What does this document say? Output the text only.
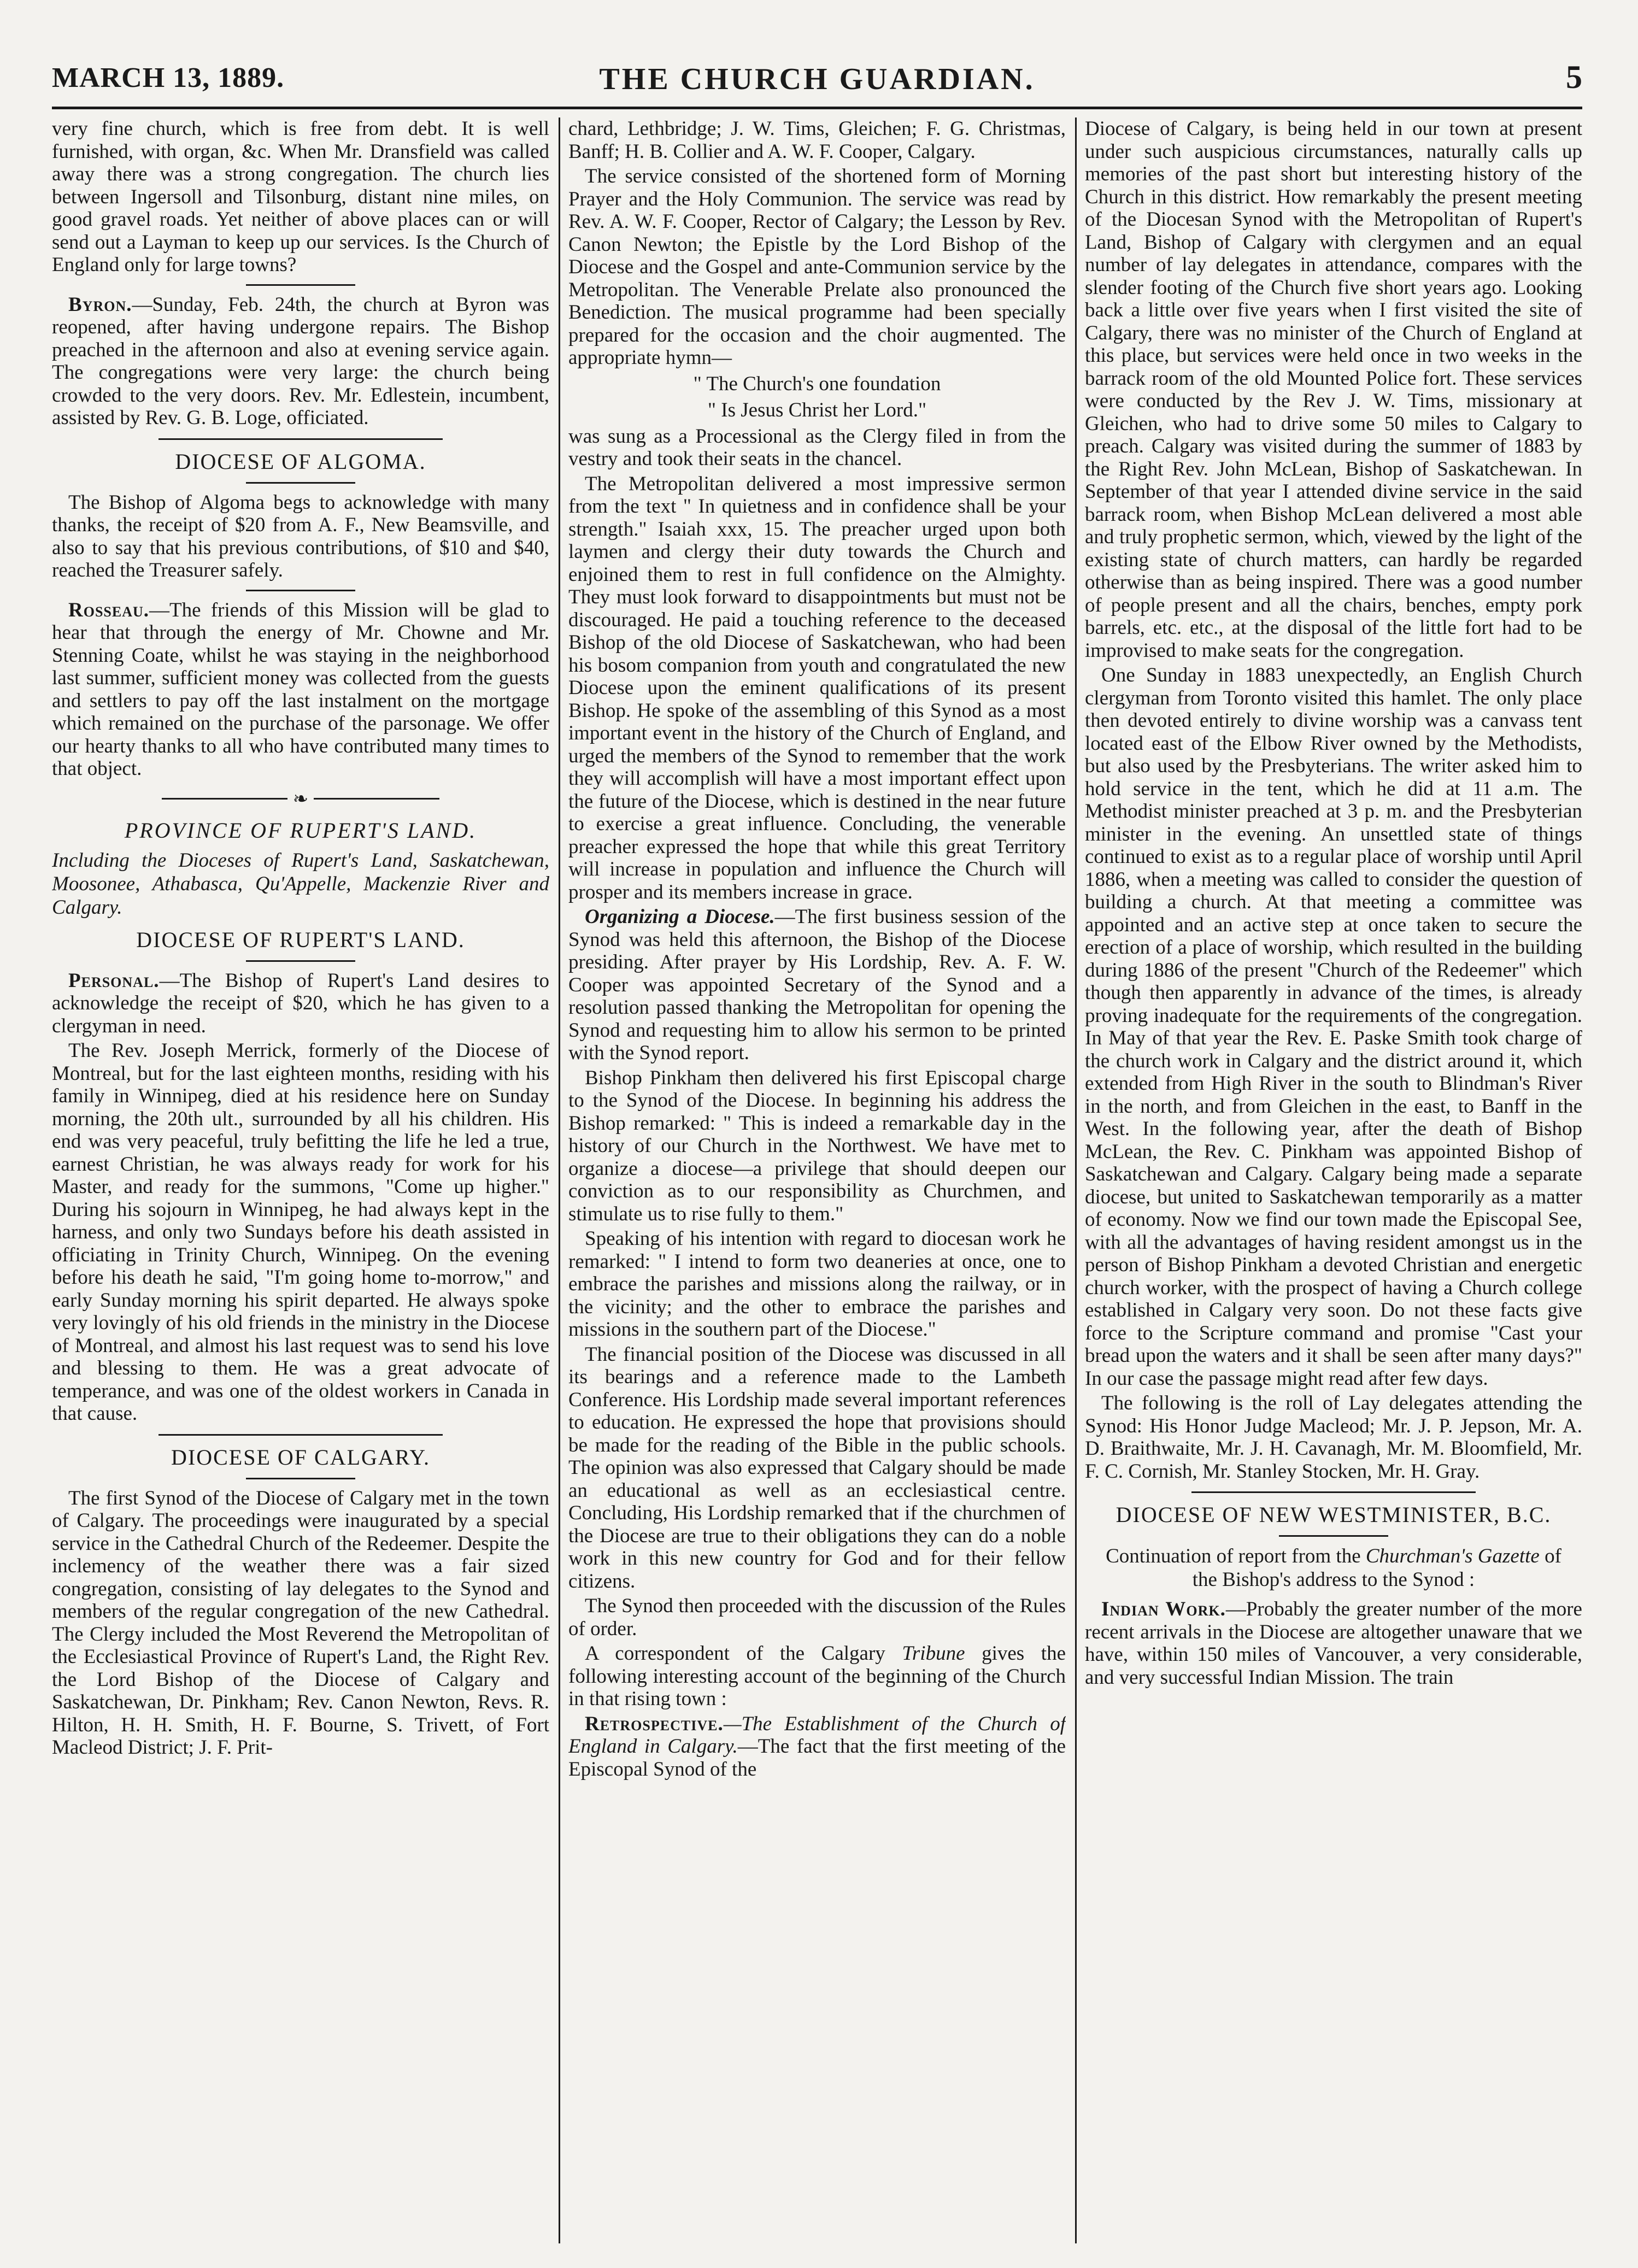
MARCH 13, 1889.	THE CHURCH GUARDIAN.	5

very fine church, which is free from debt. It is well furnished, with organ, &c. When Mr. Dransfield was called away there was a strong congregation. The church lies between Ingersoll and Tilsonburg, distant nine miles, on good gravel roads. Yet neither of above places can or will send out a Layman to keep up our services. Is the Church of England only for large towns?

Byron.—Sunday, Feb. 24th, the church at Byron was reopened, after having undergone repairs. The Bishop preached in the afternoon and also at evening service again. The congregations were very large: the church being crowded to the very doors. Rev. Mr. Edlestein, incumbent, assisted by Rev. G. B. Loge, officiated.

DIOCESE OF ALGOMA.

The Bishop of Algoma begs to acknowledge with many thanks, the receipt of $20 from A. F., New Beamsville, and also to say that his previous contributions, of $10 and $40, reached the Treasurer safely.

Rosseau.—The friends of this Mission will be glad to hear that through the energy of Mr. Chowne and Mr. Stenning Coate, whilst he was staying in the neighborhood last summer, sufficient money was collected from the guests and settlers to pay off the last instalment on the mortgage which remained on the purchase of the parsonage. We offer our hearty thanks to all who have contributed many times to that object.

❧
PROVINCE OF RUPERT'S LAND.
Including the Dioceses of Rupert's Land, Saskatchewan, Moosonee, Athabasca, Qu'Appelle, Mackenzie River and Calgary.
DIOCESE OF RUPERT'S LAND.

Personal.—The Bishop of Rupert's Land desires to acknowledge the receipt of $20, which he has given to a clergyman in need.

The Rev. Joseph Merrick, formerly of the Diocese of Montreal, but for the last eighteen months, residing with his family in Winnipeg, died at his residence here on Sunday morning, the 20th ult., surrounded by all his children. His end was very peaceful, truly befitting the life he led a true, earnest Christian, he was always ready for work for his Master, and ready for the summons, "Come up higher." During his sojourn in Winnipeg, he had always kept in the harness, and only two Sundays before his death assisted in officiating in Trinity Church, Winnipeg. On the evening before his death he said, "I'm going home to-morrow," and early Sunday morning his spirit departed. He always spoke very lovingly of his old friends in the ministry in the Diocese of Montreal, and almost his last request was to send his love and blessing to them. He was a great advocate of temperance, and was one of the oldest workers in Canada in that cause.

DIOCESE OF CALGARY.

The first Synod of the Diocese of Calgary met in the town of Calgary. The proceedings were inaugurated by a special service in the Cathedral Church of the Redeemer. Despite the inclemency of the weather there was a fair sized congregation, consisting of lay delegates to the Synod and members of the regular congregation of the new Cathedral. The Clergy included the Most Reverend the Metropolitan of the Ecclesiastical Province of Rupert's Land, the Right Rev. the Lord Bishop of the Diocese of Calgary and Saskatchewan, Dr. Pinkham; Rev. Canon Newton, Revs. R. Hilton, H. H. Smith, H. F. Bourne, S. Trivett, of Fort Macleod District; J. F. Prit-

chard, Lethbridge; J. W. Tims, Gleichen; F. G. Christmas, Banff; H. B. Collier and A. W. F. Cooper, Calgary.

The service consisted of the shortened form of Morning Prayer and the Holy Communion. The service was read by Rev. A. W. F. Cooper, Rector of Calgary; the Lesson by Rev. Canon Newton; the Epistle by the Lord Bishop of the Diocese and the Gospel and ante-Communion service by the Metropolitan. The Venerable Prelate also pronounced the Benediction. The musical programme had been specially prepared for the occasion and the choir augmented. The appropriate hymn—

" The Church's one foundation
" Is Jesus Christ her Lord."

was sung as a Processional as the Clergy filed in from the vestry and took their seats in the chancel.

The Metropolitan delivered a most impressive sermon from the text " In quietness and in confidence shall be your strength." Isaiah xxx, 15. The preacher urged upon both laymen and clergy their duty towards the Church and enjoined them to rest in full confidence on the Almighty. They must look forward to disappointments but must not be discouraged. He paid a touching reference to the deceased Bishop of the old Diocese of Saskatchewan, who had been his bosom companion from youth and congratulated the new Diocese upon the eminent qualifications of its present Bishop. He spoke of the assembling of this Synod as a most important event in the history of the Church of England, and urged the members of the Synod to remember that the work they will accomplish will have a most important effect upon the future of the Diocese, which is destined in the near future to exercise a great influence. Concluding, the venerable preacher expressed the hope that while this great Territory will increase in population and influence the Church will prosper and its members increase in grace.

Organizing a Diocese.—The first business session of the Synod was held this afternoon, the Bishop of the Diocese presiding. After prayer by His Lordship, Rev. A. F. W. Cooper was appointed Secretary of the Synod and a resolution passed thanking the Metropolitan for opening the Synod and requesting him to allow his sermon to be printed with the Synod report.

Bishop Pinkham then delivered his first Episcopal charge to the Synod of the Diocese. In beginning his address the Bishop remarked: " This is indeed a remarkable day in the history of our Church in the Northwest. We have met to organize a diocese—a privilege that should deepen our conviction as to our responsibility as Churchmen, and stimulate us to rise fully to them."

Speaking of his intention with regard to diocesan work he remarked: " I intend to form two deaneries at once, one to embrace the parishes and missions along the railway, or in the vicinity; and the other to embrace the parishes and missions in the southern part of the Diocese."

The financial position of the Diocese was discussed in all its bearings and a reference made to the Lambeth Conference. His Lordship made several important references to education. He expressed the hope that provisions should be made for the reading of the Bible in the public schools. The opinion was also expressed that Calgary should be made an educational as well as an ecclesiastical centre. Concluding, His Lordship remarked that if the churchmen of the Diocese are true to their obligations they can do a noble work in this new country for God and for their fellow citizens.

The Synod then proceeded with the discussion of the Rules of order.

A correspondent of the Calgary Tribune gives the following interesting account of the beginning of the Church in that rising town :

Retrospective.—The Establishment of the Church of England in Calgary.—The fact that the first meeting of the Episcopal Synod of the

Diocese of Calgary, is being held in our town at present under such auspicious circumstances, naturally calls up memories of the past short but interesting history of the Church in this district. How remarkably the present meeting of the Diocesan Synod with the Metropolitan of Rupert's Land, Bishop of Calgary with clergymen and an equal number of lay delegates in attendance, compares with the slender footing of the Church five short years ago. Looking back a little over five years when I first visited the site of Calgary, there was no minister of the Church of England at this place, but services were held once in two weeks in the barrack room of the old Mounted Police fort. These services were conducted by the Rev J. W. Tims, missionary at Gleichen, who had to drive some 50 miles to Calgary to preach. Calgary was visited during the summer of 1883 by the Right Rev. John McLean, Bishop of Saskatchewan. In September of that year I attended divine service in the said barrack room, when Bishop McLean delivered a most able and truly prophetic sermon, which, viewed by the light of the existing state of church matters, can hardly be regarded otherwise than as being inspired. There was a good number of people present and all the chairs, benches, empty pork barrels, etc. etc., at the disposal of the little fort had to be improvised to make seats for the congregation.

One Sunday in 1883 unexpectedly, an English Church clergyman from Toronto visited this hamlet. The only place then devoted entirely to divine worship was a canvass tent located east of the Elbow River owned by the Methodists, but also used by the Presbyterians. The writer asked him to hold service in the tent, which he did at 11 a.m. The Methodist minister preached at 3 p. m. and the Presbyterian minister in the evening. An unsettled state of things continued to exist as to a regular place of worship until April 1886, when a meeting was called to consider the question of building a church. At that meeting a committee was appointed and an active step at once taken to secure the erection of a place of worship, which resulted in the building during 1886 of the present "Church of the Redeemer" which though then apparently in advance of the times, is already proving inadequate for the requirements of the congregation. In May of that year the Rev. E. Paske Smith took charge of the church work in Calgary and the district around it, which extended from High River in the south to Blindman's River in the north, and from Gleichen in the east, to Banff in the West. In the following year, after the death of Bishop McLean, the Rev. C. Pinkham was appointed Bishop of Saskatchewan and Calgary. Calgary being made a separate diocese, but united to Saskatchewan temporarily as a matter of economy. Now we find our town made the Episcopal See, with all the advantages of having resident amongst us in the person of Bishop Pinkham a devoted Christian and energetic church worker, with the prospect of having a Church college established in Calgary very soon. Do not these facts give force to the Scripture command and promise "Cast your bread upon the waters and it shall be seen after many days?" In our case the passage might read after few days.

The following is the roll of Lay delegates attending the Synod: His Honor Judge Macleod; Mr. J. P. Jepson, Mr. A. D. Braithwaite, Mr. J. H. Cavanagh, Mr. M. Bloomfield, Mr. F. C. Cornish, Mr. Stanley Stocken, Mr. H. Gray.

DIOCESE OF NEW WESTMINISTER, B.C.
Continuation of report from the Churchman's Gazette of the Bishop's address to the Synod :

Indian Work.—Probably the greater number of the more recent arrivals in the Diocese are altogether unaware that we have, within 150 miles of Vancouver, a very considerable, and very successful Indian Mission. The train
